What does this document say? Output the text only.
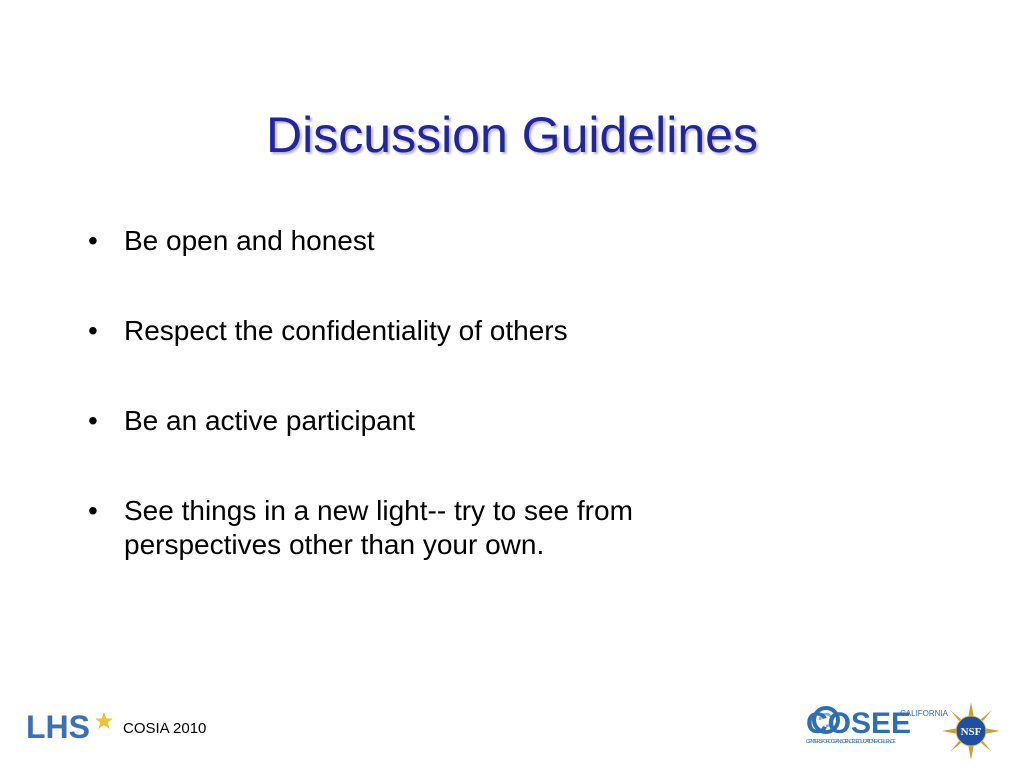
Discussion Guidelines
• Be open and honest
• Respect the confidentiality of others
• Be an active participant
• See things in a new light-- try to see from perspectives other than your own.
LHS COSIA 2010	COSEE
CALIFORNIA
CENTERS FOR OCEAN SCIENCES EDUCATION EXCELLENCE
NSF
